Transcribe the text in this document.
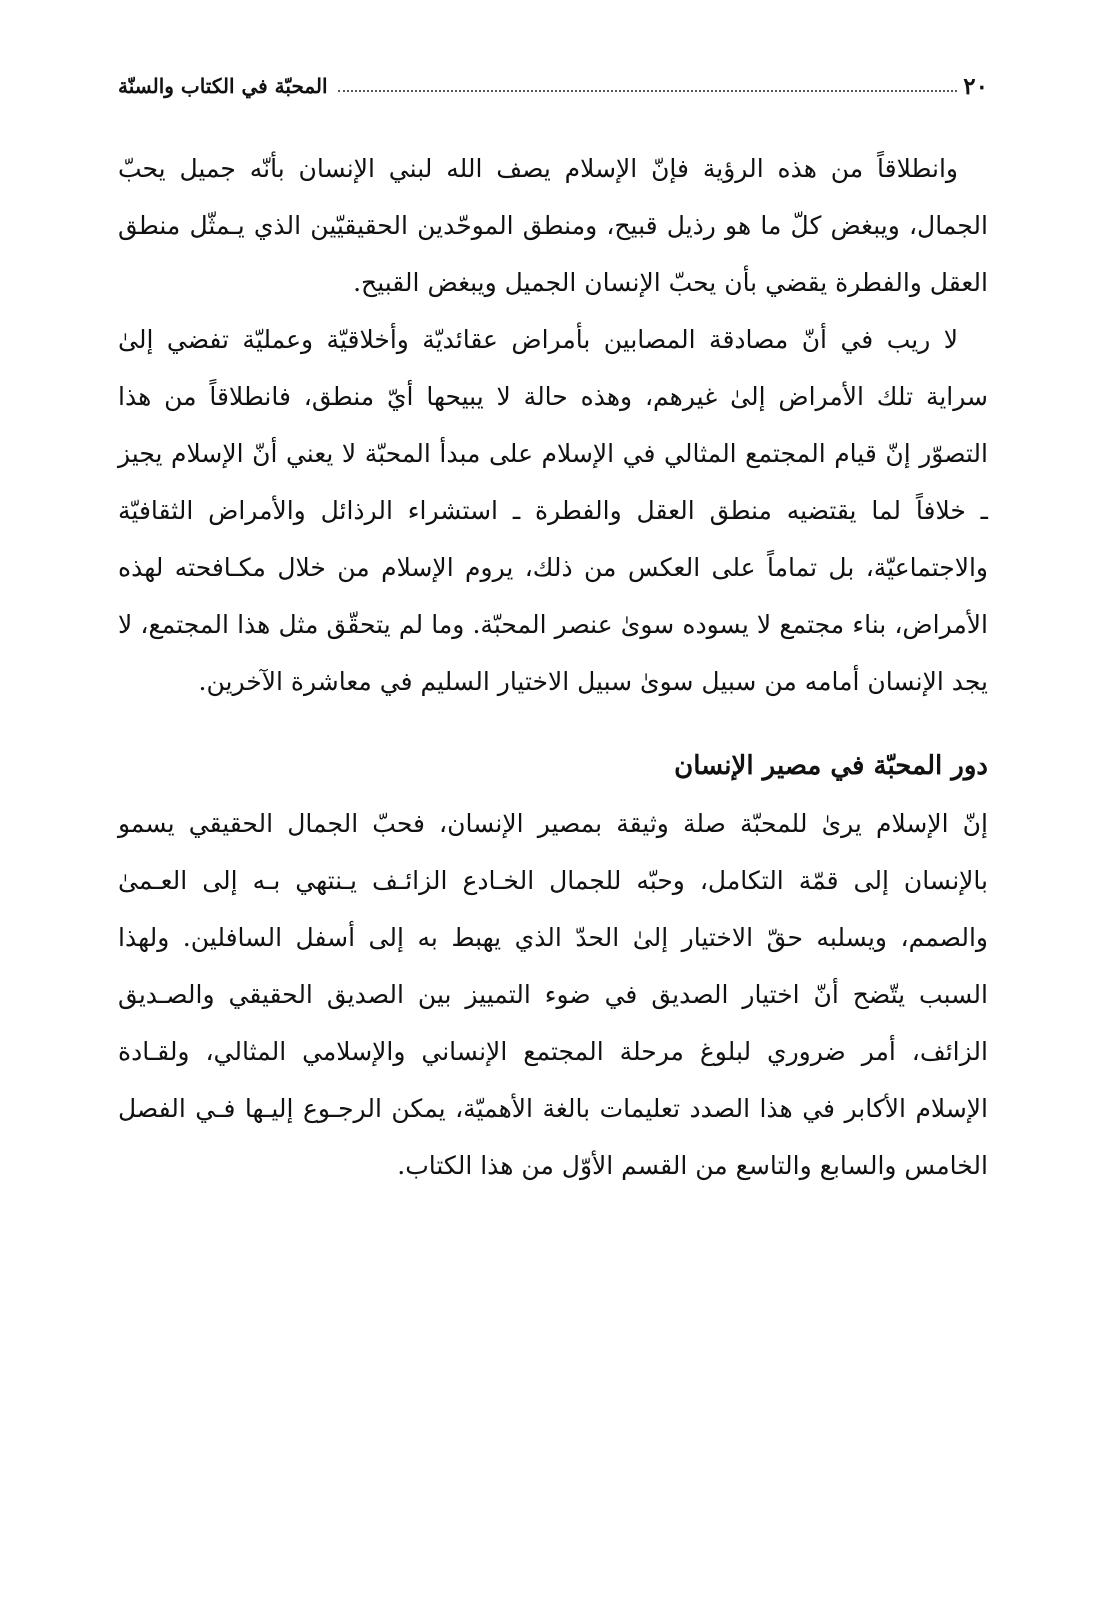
٢٠
المحبّة في الكتاب والسنّة

وانطلاقاً من هذه الرؤية فإنّ الإسلام يصف الله لبني الإنسان بأنّه جميل يحبّ الجمال، ويبغض كلّ ما هو رذيل قبيح، ومنطق الموحّدين الحقيقيّين الذي يـمثّل منطق العقل والفطرة يقضي بأن يحبّ الإنسان الجميل ويبغض القبيح.

لا ريب في أنّ مصادقة المصابين بأمراض عقائديّة وأخلاقيّة وعمليّة تفضي إلىٰ سراية تلك الأمراض إلىٰ غيرهم، وهذه حالة لا يبيحها أيّ منطق، فانطلاقاً من هذا التصوّر إنّ قيام المجتمع المثالي في الإسلام على مبدأ المحبّة لا يعني أنّ الإسلام يجيز ـ خلافاً لما يقتضيه منطق العقل والفطرة ـ استشراء الرذائل والأمراض الثقافيّة والاجتماعيّة، بل تماماً على العكس من ذلك، يروم الإسلام من خلال مكـافحته لهذه الأمراض، بناء مجتمع لا يسوده سوىٰ عنصر المحبّة. وما لم يتحقّق مثل هذا المجتمع، لا يجد الإنسان أمامه من سبيل سوىٰ سبيل الاختيار السليم في معاشرة الآخرين.

دور المحبّة في مصير الإنسان

إنّ الإسلام يرىٰ للمحبّة صلة وثيقة بمصير الإنسان، فحبّ الجمال الحقيقي يسمو بالإنسان إلى قمّة التكامل، وحبّه للجمال الخـادع الزائـف يـنتهي بـه إلى العـمىٰ والصمم، ويسلبه حقّ الاختيار إلىٰ الحدّ الذي يهبط به إلى أسفل السافلين. ولهذا السبب يتّضح أنّ اختيار الصديق في ضوء التمييز بين الصديق الحقيقي والصـديق الزائف، أمر ضروري لبلوغ مرحلة المجتمع الإنساني والإسلامي المثالي، ولقـادة الإسلام الأكابر في هذا الصدد تعليمات بالغة الأهميّة، يمكن الرجـوع إليـها فـي الفصل الخامس والسابع والتاسع من القسم الأوّل من هذا الكتاب.
